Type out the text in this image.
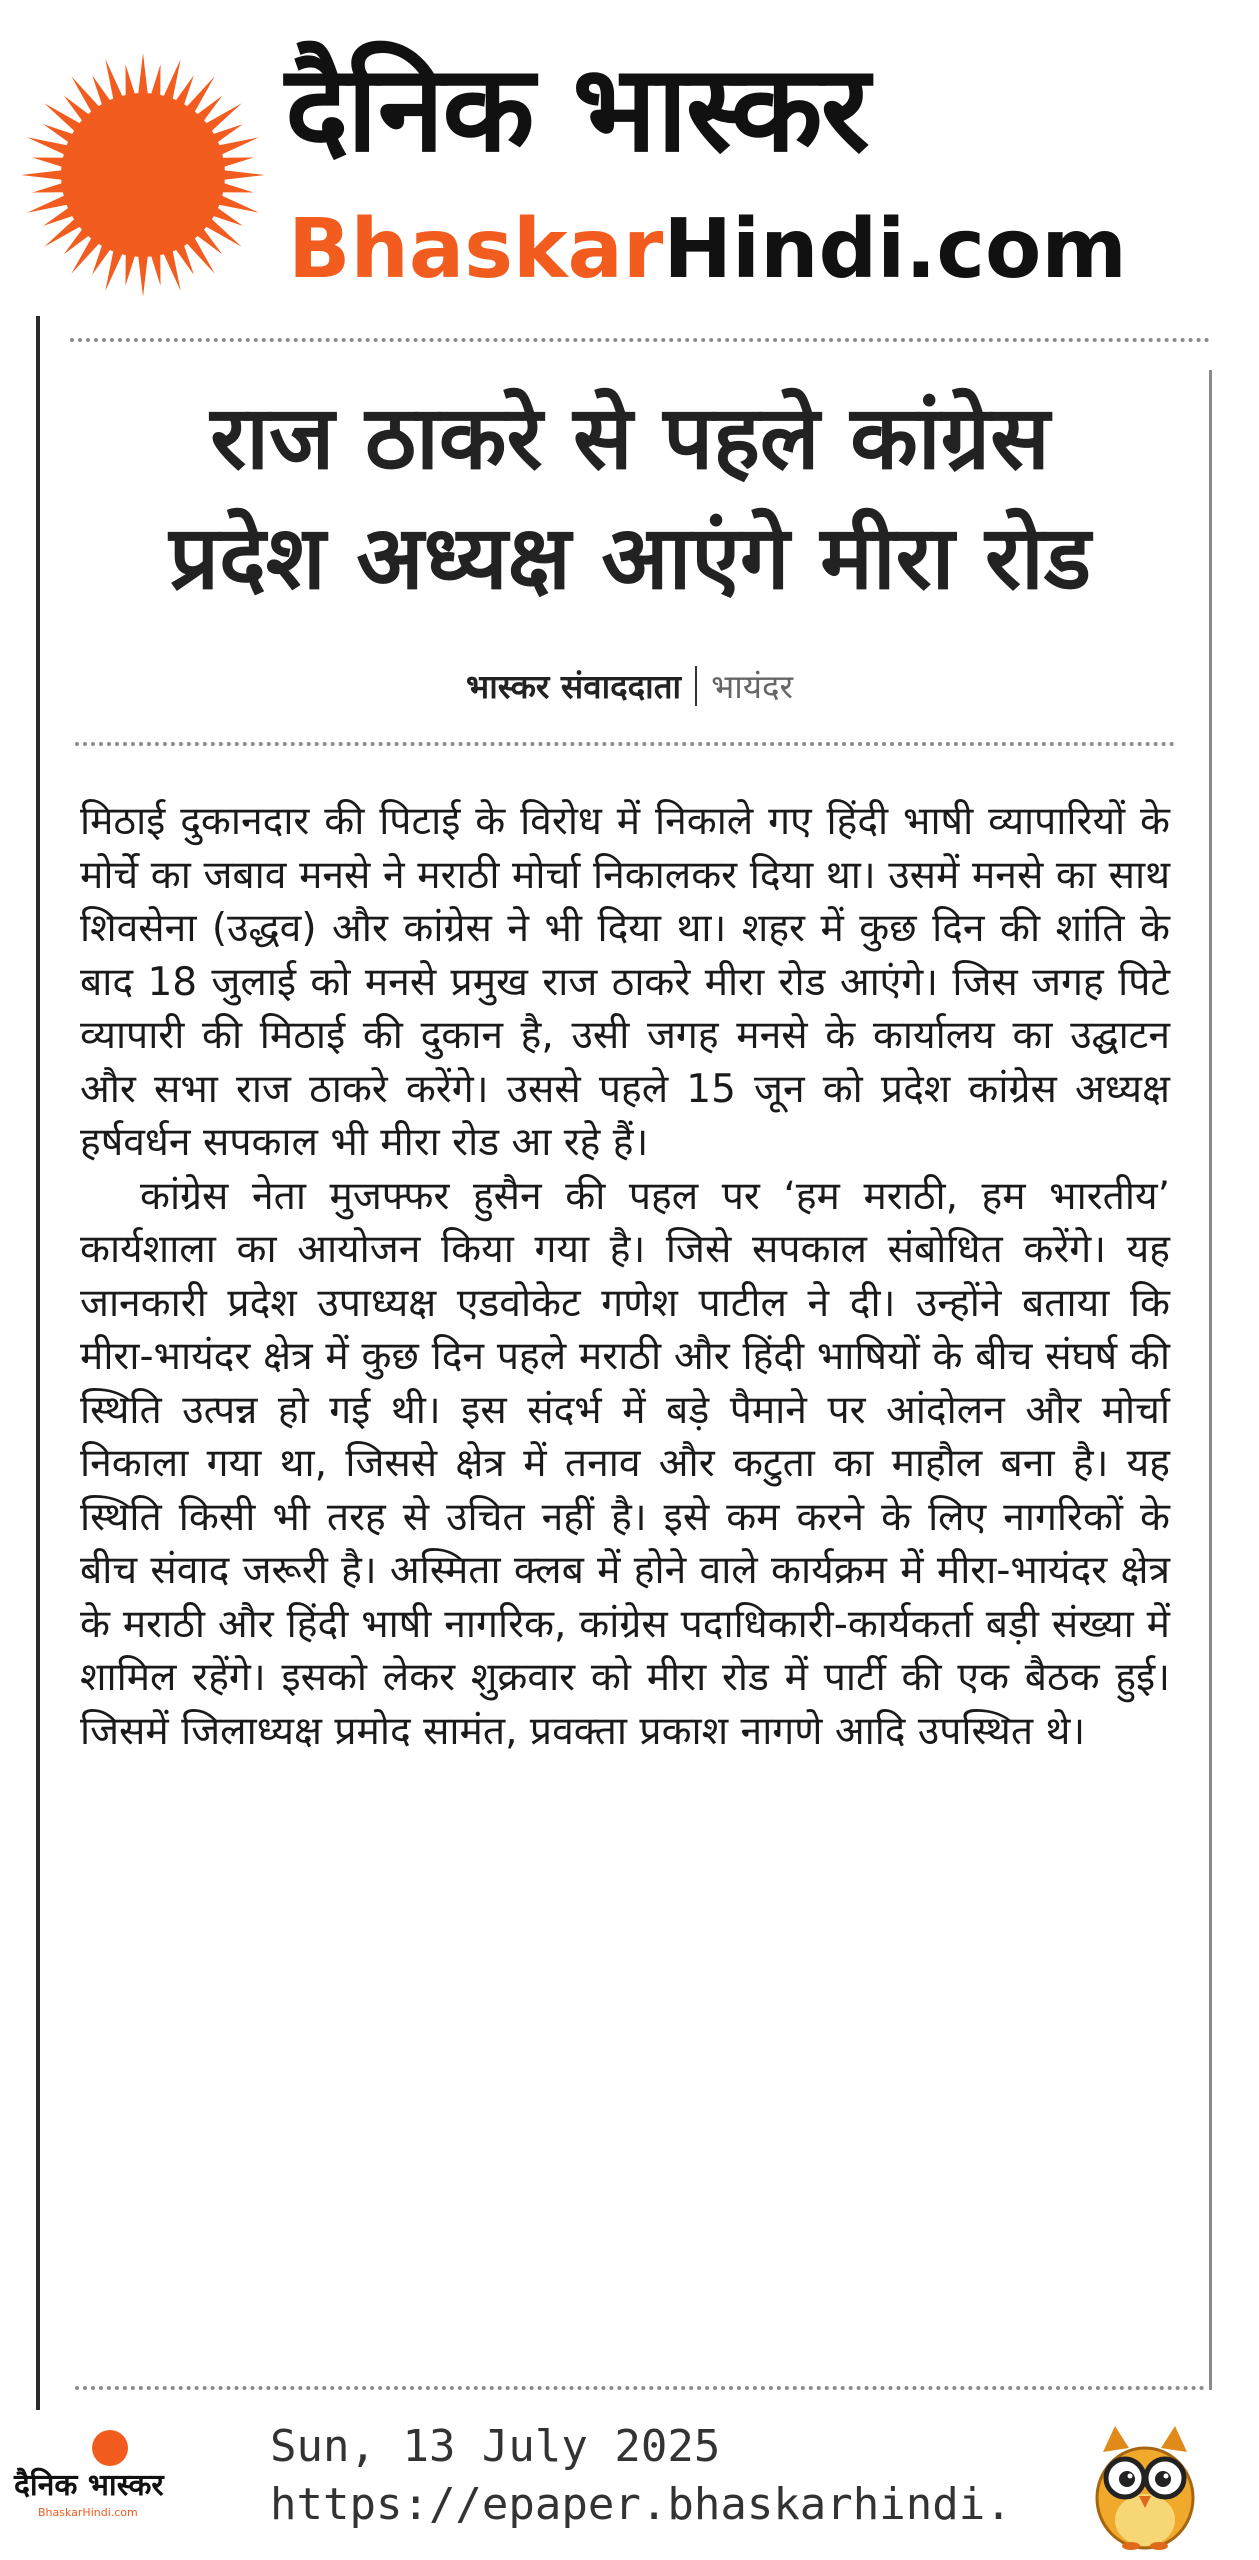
दैनिक भास्कर
BhaskarHindi.com
राज ठाकरे से पहले कांग्रेस
प्रदेश अध्यक्ष आएंगे मीरा रोड
भास्कर संवाददाता भायंदर

मिठाई दुकानदार की पिटाई के विरोध में निकाले गए हिंदी भाषी व्यापारियों के मोर्चे का जबाव मनसे ने मराठी मोर्चा निकालकर दिया था। उसमें मनसे का साथ शिवसेना (उद्धव) और कांग्रेस ने भी दिया था। शहर में कुछ दिन की शांति के बाद 18 जुलाई को मनसे प्रमुख राज ठाकरे मीरा रोड आएंगे। जिस जगह पिटे व्यापारी की मिठाई की दुकान है, उसी जगह मनसे के कार्यालय का उद्घाटन और सभा राज ठाकरे करेंगे। उससे पहले 15 जून को प्रदेश कांग्रेस अध्यक्ष हर्षवर्धन सपकाल भी मीरा रोड आ रहे हैं।

कांग्रेस नेता मुजफ्फर हुसैन की पहल पर ‘हम मराठी, हम भारतीय’ कार्यशाला का आयोजन किया गया है। जिसे सपकाल संबोधित करेंगे। यह जानकारी प्रदेश उपाध्यक्ष एडवोकेट गणेश पाटील ने दी। उन्होंने बताया कि मीरा-भायंदर क्षेत्र में कुछ दिन पहले मराठी और हिंदी भाषियों के बीच संघर्ष की स्थिति उत्पन्न हो गई थी। इस संदर्भ में बड़े पैमाने पर आंदोलन और मोर्चा निकाला गया था, जिससे क्षेत्र में तनाव और कटुता का माहौल बना है। यह स्थिति किसी भी तरह से उचित नहीं है। इसे कम करने के लिए नागरिकों के बीच संवाद जरूरी है। अस्मिता क्लब में होने वाले कार्यक्रम में मीरा-भायंदर क्षेत्र के मराठी और हिंदी भाषी नागरिक, कांग्रेस पदाधिकारी-कार्यकर्ता बड़ी संख्या में शामिल रहेंगे। इसको लेकर शुक्रवार को मीरा रोड में पार्टी की एक बैठक हुई। जिसमें जिलाध्यक्ष प्रमोद सामंत, प्रवक्ता प्रकाश नागणे आदि उपस्थित थे।

दैनिक भास्कर
BhaskarHindi.com
Sun, 13 July 2025
https://epaper.bhaskarhindi.
